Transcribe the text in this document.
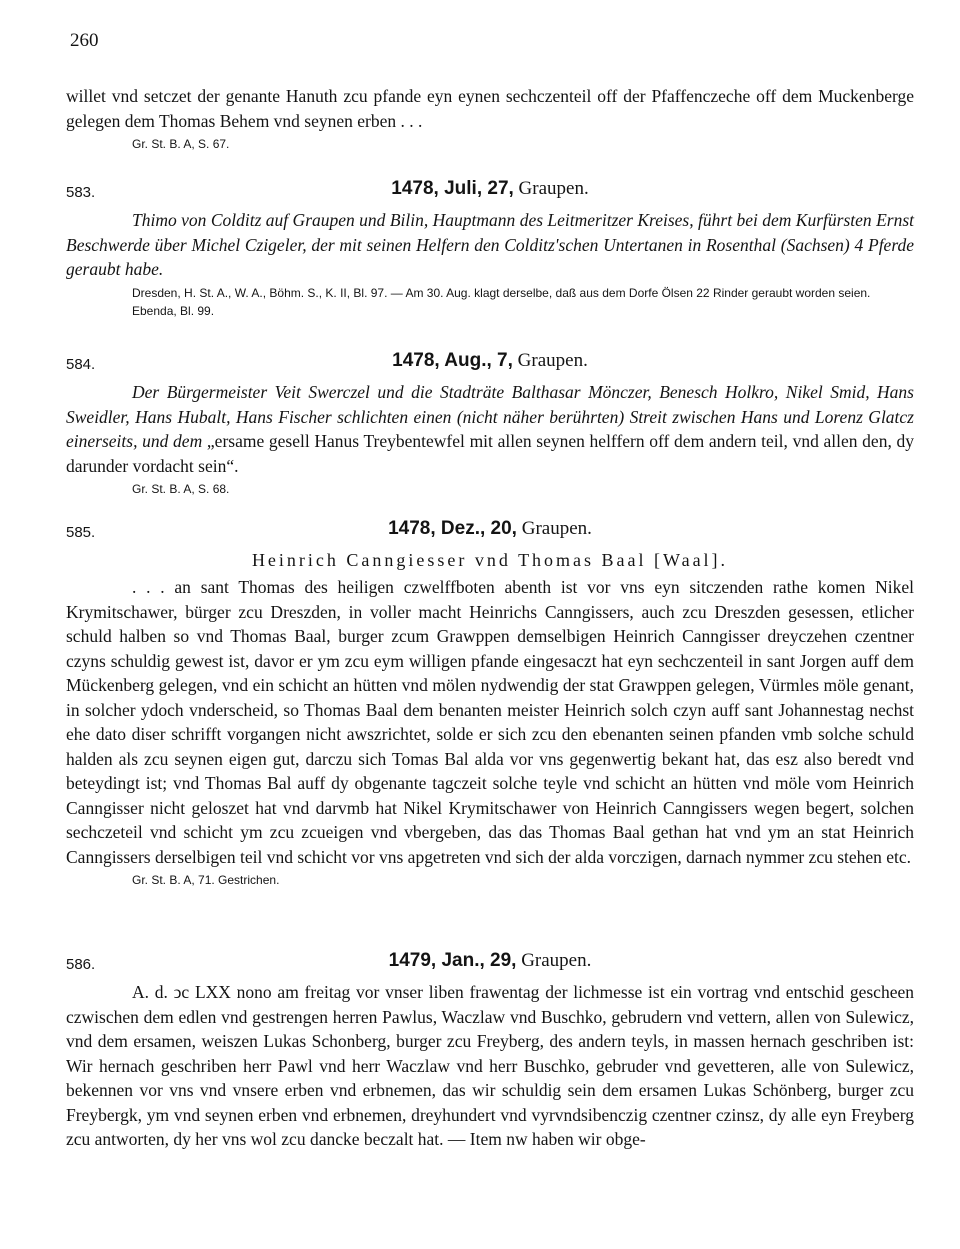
260

willet vnd setczet der genante Hanuth zcu pfande eyn eynen sechczenteil off der Pfaffenczeche off dem Muckenberge gelegen dem Thomas Behem vnd seynen erben . . .

Gr. St. B. A, S. 67.
583.	1478, Juli, 27, Graupen.

Thimo von Colditz auf Graupen und Bilin, Hauptmann des Leitmeritzer Kreises, führt bei dem Kurfürsten Ernst Beschwerde über Michel Czigeler, der mit seinen Helfern den Colditz'schen Untertanen in Rosenthal (Sachsen) 4 Pferde geraubt habe.

Dresden, H. St. A., W. A., Böhm. S., K. II, Bl. 97. — Am 30. Aug. klagt derselbe, daß aus dem Dorfe Ölsen 22 Rinder geraubt worden seien. Ebenda, Bl. 99.
584.	1478, Aug., 7, Graupen.

Der Bürgermeister Veit Swerczel und die Stadträte Balthasar Mönczer, Benesch Holkro, Nikel Smid, Hans Sweidler, Hans Hubalt, Hans Fischer schlichten einen (nicht näher berührten) Streit zwischen Hans und Lorenz Glatcz einerseits, und dem „ersame gesell Hanus Treybentewfel mit allen seynen helffern off dem andern teil, vnd allen den, dy darunder vordacht sein“.

Gr. St. B. A, S. 68.
585.	1478, Dez., 20, Graupen.
Heinrich Canngiesser vnd Thomas Baal [Waal].

. . . an sant Thomas des heiligen czwelffboten abenth ist vor vns eyn sitczenden rathe komen Nikel Krymitschawer, bürger zcu Dreszden, in voller macht Heinrichs Canngissers, auch zcu Dreszden gesessen, etlicher schuld halben so vnd Thomas Baal, burger zcum Grawppen demselbigen Heinrich Canngisser dreyczehen czentner czyns schuldig gewest ist, davor er ym zcu eym willigen pfande eingesaczt hat eyn sechczenteil in sant Jorgen auff dem Mückenberg gelegen, vnd ein schicht an hütten vnd mölen nydwendig der stat Grawppen gelegen, Vürmles möle genant, in solcher ydoch vnderscheid, so Thomas Baal dem benanten meister Heinrich solch czyn auff sant Johannestag nechst ehe dato diser schrifft vorgangen nicht awszrichtet, solde er sich zcu den ebenanten seinen pfanden vmb solche schuld halden als zcu seynen eigen gut, darczu sich Tomas Bal alda vor vns gegenwertig bekant hat, das esz also beredt vnd beteydingt ist; vnd Thomas Bal auff dy obgenante tagczeit solche teyle vnd schicht an hütten vnd möle vom Heinrich Canngisser nicht geloszet hat vnd darvmb hat Nikel Krymitschawer von Heinrich Canngissers wegen begert, solchen sechczeteil vnd schicht ym zcu zcueigen vnd vbergeben, das das Thomas Baal gethan hat vnd ym an stat Heinrich Canngissers derselbigen teil vnd schicht vor vns apgetreten vnd sich der alda vorczigen, darnach nymmer zcu stehen etc.

Gr. St. B. A, 71. Gestrichen.
586.	1479, Jan., 29, Graupen.

A. d. ↄc LXX nono am freitag vor vnser liben frawentag der lichmesse ist ein vortrag vnd entschid gescheen czwischen dem edlen vnd gestrengen herren Pawlus, Waczlaw vnd Buschko, gebrudern vnd vettern, allen von Sulewicz, vnd dem ersamen, weiszen Lukas Schonberg, burger zcu Freyberg, des andern teyls, in massen hernach geschriben ist: Wir hernach geschriben herr Pawl vnd herr Waczlaw vnd herr Buschko, gebruder vnd gevetteren, alle von Sulewicz, bekennen vor vns vnd vnsere erben vnd erbnemen, das wir schuldig sein dem ersamen Lukas Schönberg, burger zcu Freybergk, ym vnd seynen erben vnd erbnemen, dreyhundert vnd vyrvndsibenczig czentner czinsz, dy alle eyn Freyberg zcu antworten, dy her vns wol zcu dancke beczalt hat. — Item nw haben wir obge-
